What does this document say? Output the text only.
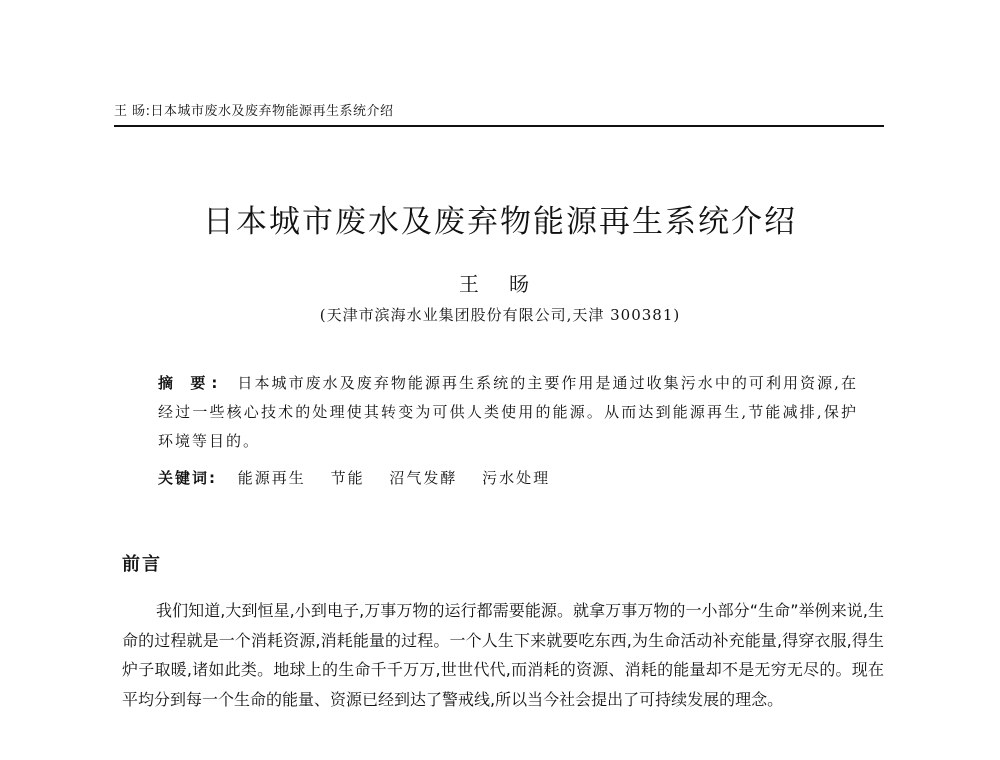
王 旸:日本城市废水及废弃物能源再生系统介绍
日本城市废水及废弃物能源再生系统介绍
王 旸
(天津市滨海水业集团股份有限公司,天津 300381)
摘 要: 日本城市废水及废弃物能源再生系统的主要作用是通过收集污水中的可利用资源,在经过一些核心技术的处理使其转变为可供人类使用的能源。从而达到能源再生,节能减排,保护环境等目的。
关键词: 能源再生 节能 沼气发酵 污水处理
前言

我们知道,大到恒星,小到电子,万事万物的运行都需要能源。就拿万事万物的一小部分“生命”举例来说,生命的过程就是一个消耗资源,消耗能量的过程。一个人生下来就要吃东西,为生命活动补充能量,得穿衣服,得生炉子取暖,诸如此类。地球上的生命千千万万,世世代代,而消耗的资源、消耗的能量却不是无穷无尽的。现在平均分到每一个生命的能量、资源已经到达了警戒线,所以当今社会提出了可持续发展的理念。
